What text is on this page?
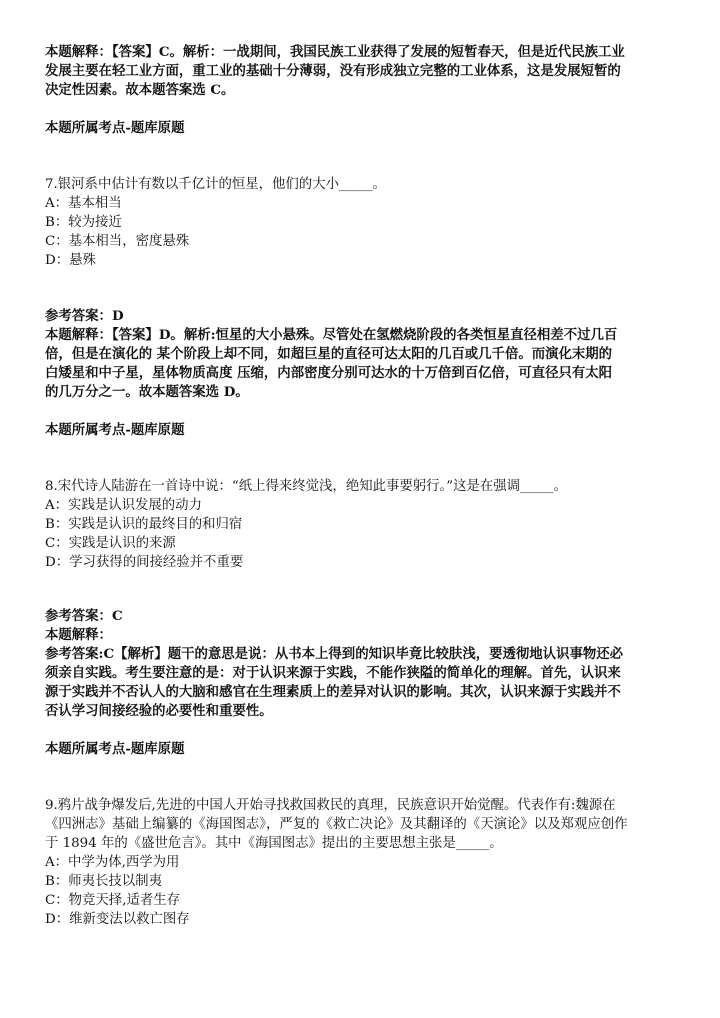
本题解释：【答案】C。解析：一战期间，我国民族工业获得了发展的短暂春天，但是近代民族工业
发展主要在轻工业方面，重工业的基础十分薄弱，没有形成独立完整的工业体系，这是发展短暂的
决定性因素。故本题答案选 C。
本题所属考点-题库原题
7.银河系中估计有数以千亿计的恒星，他们的大小_____。
A：基本相当
B：较为接近
C：基本相当，密度悬殊
D：悬殊
参考答案：D
本题解释：【答案】D。解析:恒星的大小悬殊。尽管处在氢燃烧阶段的各类恒星直径相差不过几百
倍，但是在演化的 某个阶段上却不同，如超巨星的直径可达太阳的几百或几千倍。而演化末期的
白矮星和中子星，星体物质高度 压缩，内部密度分别可达水的十万倍到百亿倍，可直径只有太阳
的几万分之一。故本题答案选 D。
本题所属考点-题库原题
8.宋代诗人陆游在一首诗中说：“纸上得来终觉浅，绝知此事要躬行。”这是在强调_____。
A：实践是认识发展的动力
B：实践是认识的最终目的和归宿
C：实践是认识的来源
D：学习获得的间接经验并不重要
参考答案：C
本题解释：
参考答案:C【解析】题干的意思是说：从书本上得到的知识毕竟比较肤浅，要透彻地认识事物还必
须亲自实践。考生要注意的是：对于认识来源于实践，不能作狭隘的简单化的理解。首先，认识来
源于实践并不否认人的大脑和感官在生理素质上的差异对认识的影响。其次，认识来源于实践并不
否认学习间接经验的必要性和重要性。
本题所属考点-题库原题
9.鸦片战争爆发后,先进的中国人开始寻找救国救民的真理，民族意识开始觉醒。代表作有:魏源在
《四洲志》基础上编纂的《海国图志》，严复的《救亡决论》及其翻译的《天演论》以及郑观应创作
于 1894 年的《盛世危言》。其中《海国图志》提出的主要思想主张是_____。
A：中学为体,西学为用
B：师夷长技以制夷
C：物竞天择,适者生存
D：维新变法以救亡图存
